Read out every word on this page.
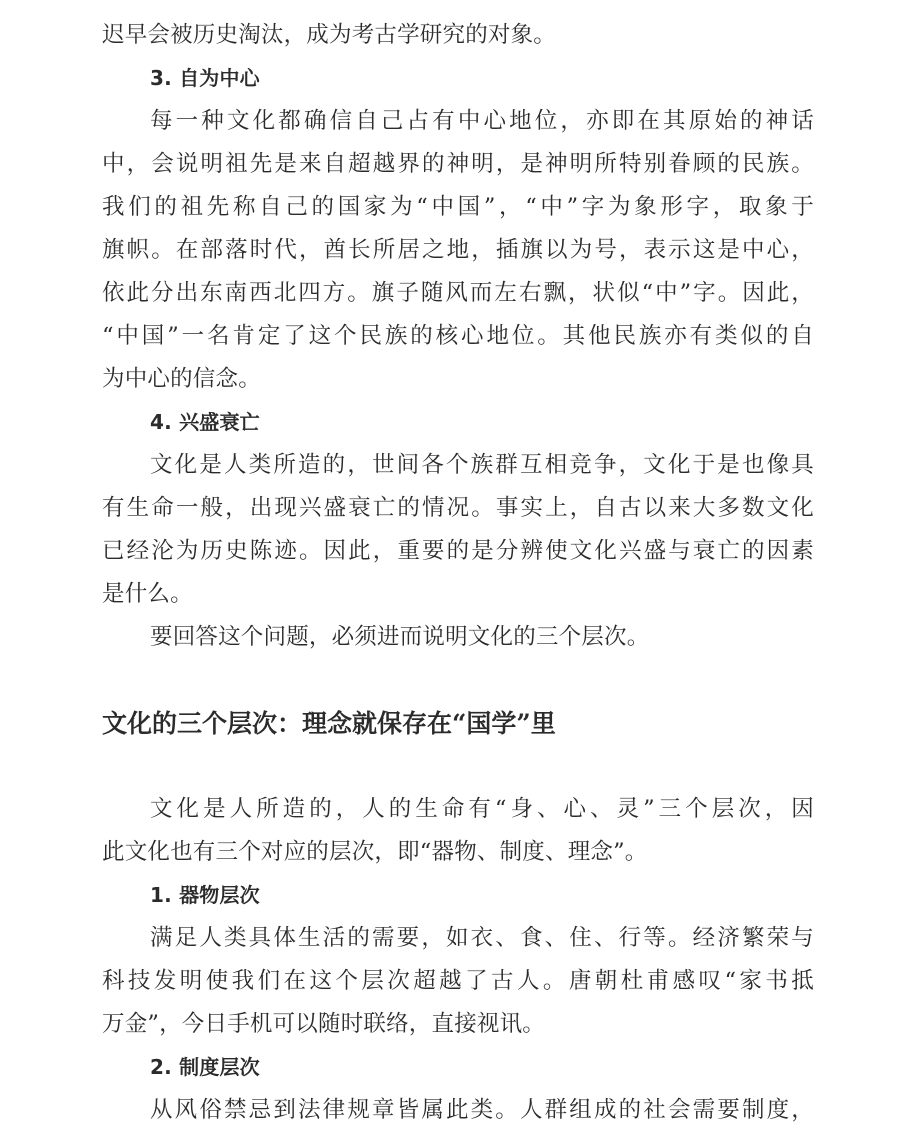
迟早会被历史淘汰，成为考古学研究的对象。
3. 自为中心
每一种文化都确信自己占有中心地位，亦即在其原始的神话
中，会说明祖先是来自超越界的神明，是神明所特别眷顾的民族。
我们的祖先称自己的国家为“中国”，“中”字为象形字，取象于
旗帜。在部落时代，酋长所居之地，插旗以为号，表示这是中心，
依此分出东南西北四方。旗子随风而左右飘，状似“中”字。因此，
“中国”一名肯定了这个民族的核心地位。其他民族亦有类似的自
为中心的信念。
4. 兴盛衰亡
文化是人类所造的，世间各个族群互相竞争，文化于是也像具
有生命一般，出现兴盛衰亡的情况。事实上，自古以来大多数文化
已经沦为历史陈迹。因此，重要的是分辨使文化兴盛与衰亡的因素
是什么。
要回答这个问题，必须进而说明文化的三个层次。
文化的三个层次：理念就保存在“国学”里
文化是人所造的，人的生命有“身、心、灵”三个层次，因
此文化也有三个对应的层次，即“器物、制度、理念”。
1. 器物层次
满足人类具体生活的需要，如衣、食、住、行等。经济繁荣与
科技发明使我们在这个层次超越了古人。唐朝杜甫感叹“家书抵
万金”，今日手机可以随时联络，直接视讯。
2. 制度层次
从风俗禁忌到法律规章皆属此类。人群组成的社会需要制度，
